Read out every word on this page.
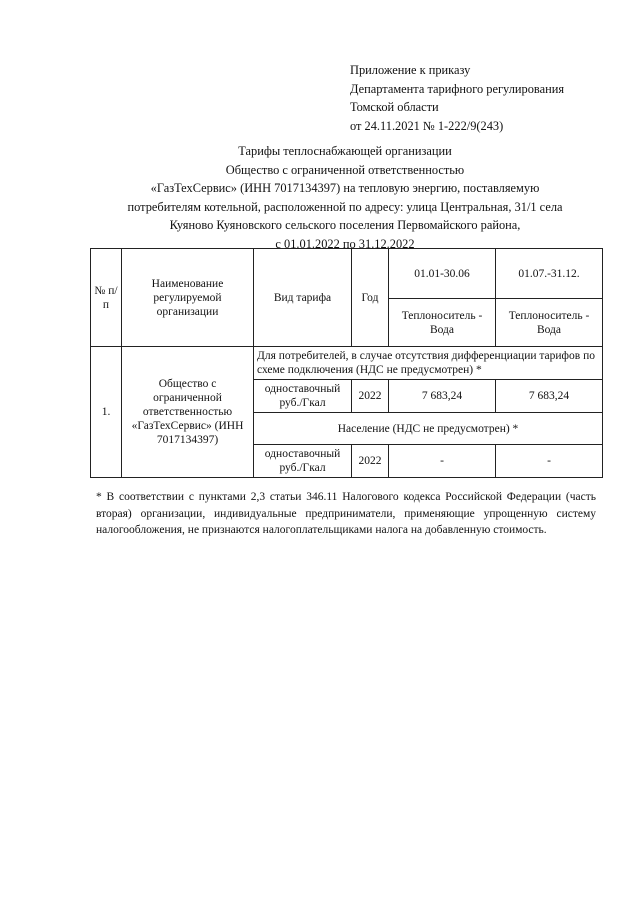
Приложение к приказу
Департамента тарифного регулирования
Томской области
от 24.11.2021 № 1-222/9(243)
Тарифы теплоснабжающей организации
Общество с ограниченной ответственностью
«ГазТехСервис» (ИНН 7017134397) на тепловую энергию, поставляемую
потребителям котельной, расположенной по адресу: улица Центральная, 31/1 села
Куяново Куяновского сельского поселения Первомайского района,
с 01.01.2022 по 31.12.2022
№ п/п	Наименование регулируемой организации	Вид тарифа	Год	01.01-30.06	01.07.-31.12.
				Теплоноситель - Вода	Теплоноситель - Вода
1.	Общество с ограниченной ответственностью «ГазТехСервис» (ИНН 7017134397)	Для потребителей, в случае отсутствия дифференциации тарифов по схеме подключения (НДС не предусмотрен) *			
		одноставочный руб./Гкал	2022	7 683,24	7 683,24
		Население (НДС не предусмотрен) *			
		одноставочный руб./Гкал	2022	-	-
* В соответствии с пунктами 2,3 статьи 346.11 Налогового кодекса Российской Федерации (часть вторая) организации, индивидуальные предприниматели, применяющие упрощенную систему налогообложения, не признаются налогоплательщиками налога на добавленную стоимость.
